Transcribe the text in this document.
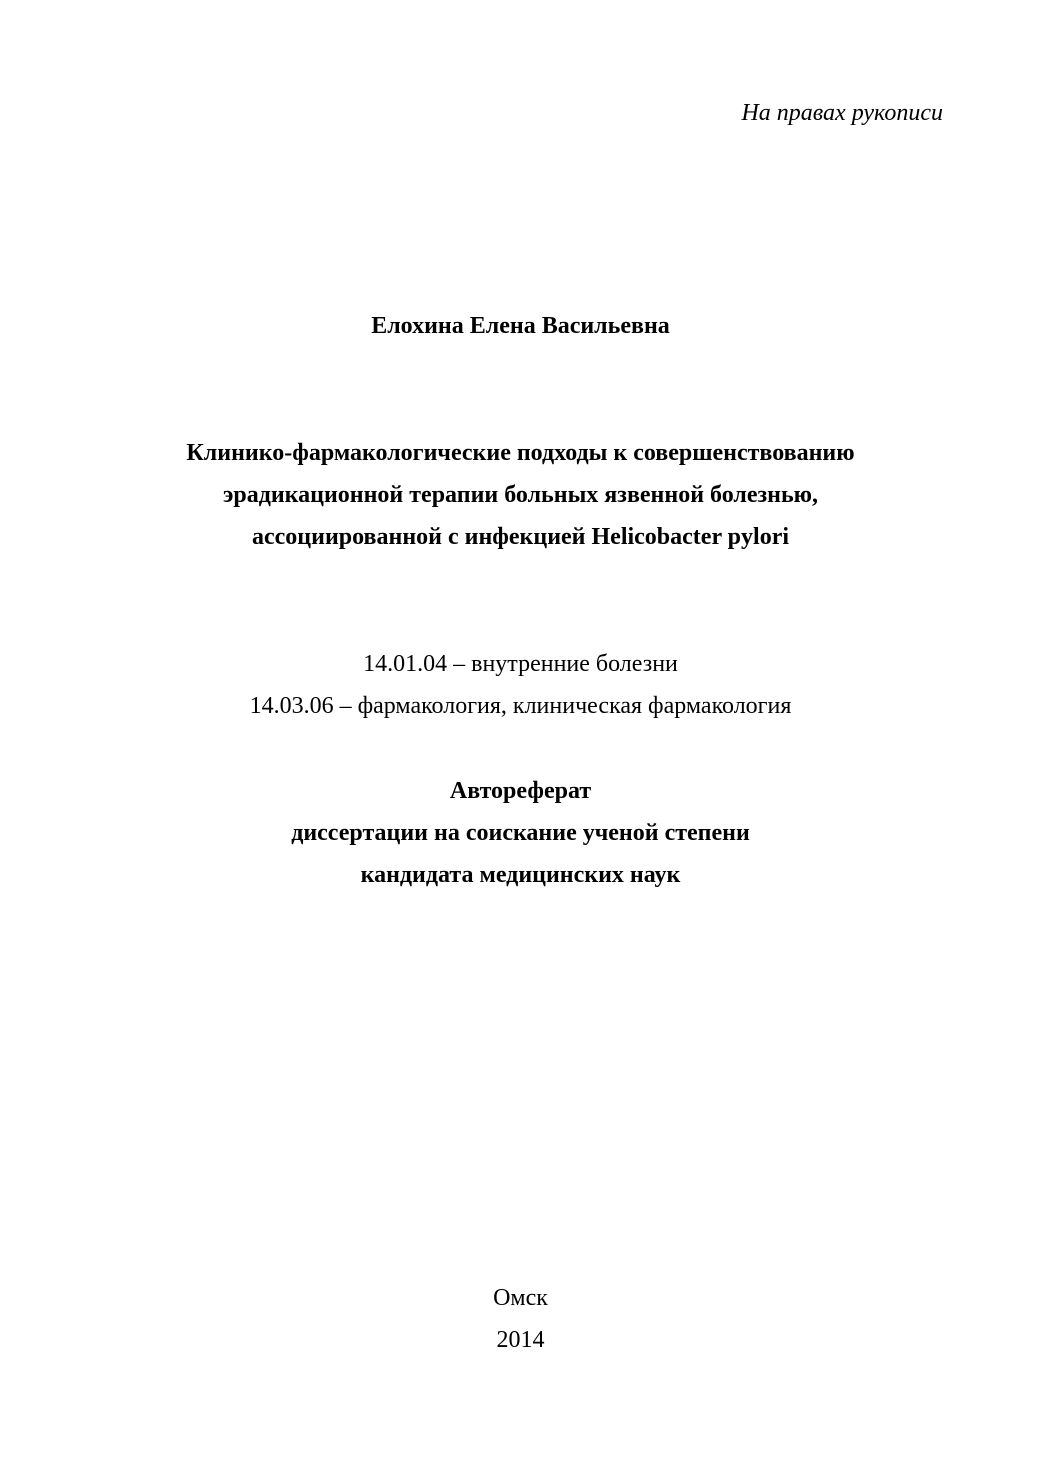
На правах рукописи
Елохина Елена Васильевна
Клинико-фармакологические подходы к совершенствованию
эрадикационной терапии больных язвенной болезнью,
ассоциированной с инфекцией Helicobacter pylori
14.01.04 – внутренние болезни
14.03.06 – фармакология, клиническая фармакология
Автореферат
диссертации на соискание ученой степени
кандидата медицинских наук
Омск
2014
